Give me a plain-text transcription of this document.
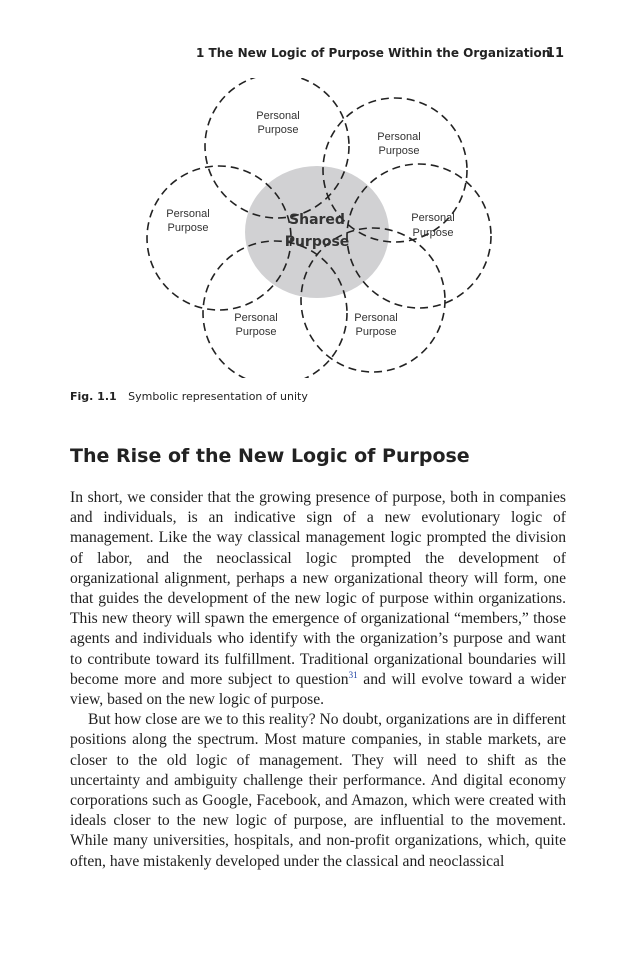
1 The New Logic of Purpose Within the Organization
11
Personal
Purpose
Personal
Purpose
Personal
Purpose
Personal
Purpose
Personal
Purpose
Personal
Purpose
Shared
Purpose
Fig. 1.1 Symbolic representation of unity
The Rise of the New Logic of Purpose

In short, we consider that the growing presence of purpose, both in companies and individuals, is an indicative sign of a new evolutionary logic of management. Like the way classical management logic prompted the division of labor, and the neoclassical logic prompted the development of organizational alignment, perhaps a new organizational theory will form, one that guides the development of the new logic of purpose within organizations. This new theory will spawn the emergence of organizational “members,” those agents and individuals who identify with the organization’s purpose and want to contribute toward its fulfillment. Traditional organizational boundaries will become more and more subject to question$^{31}$ and will evolve toward a wider view, based on the new logic of purpose.

But how close are we to this reality? No doubt, organizations are in different positions along the spectrum. Most mature companies, in stable markets, are closer to the old logic of management. They will need to shift as the uncertainty and ambiguity challenge their performance. And digital economy corporations such as Google, Facebook, and Amazon, which were created with ideals closer to the new logic of purpose, are influential to the movement. While many universities, hospitals, and non-profit organizations, which, quite often, have mistakenly developed under the classical and neoclassical
